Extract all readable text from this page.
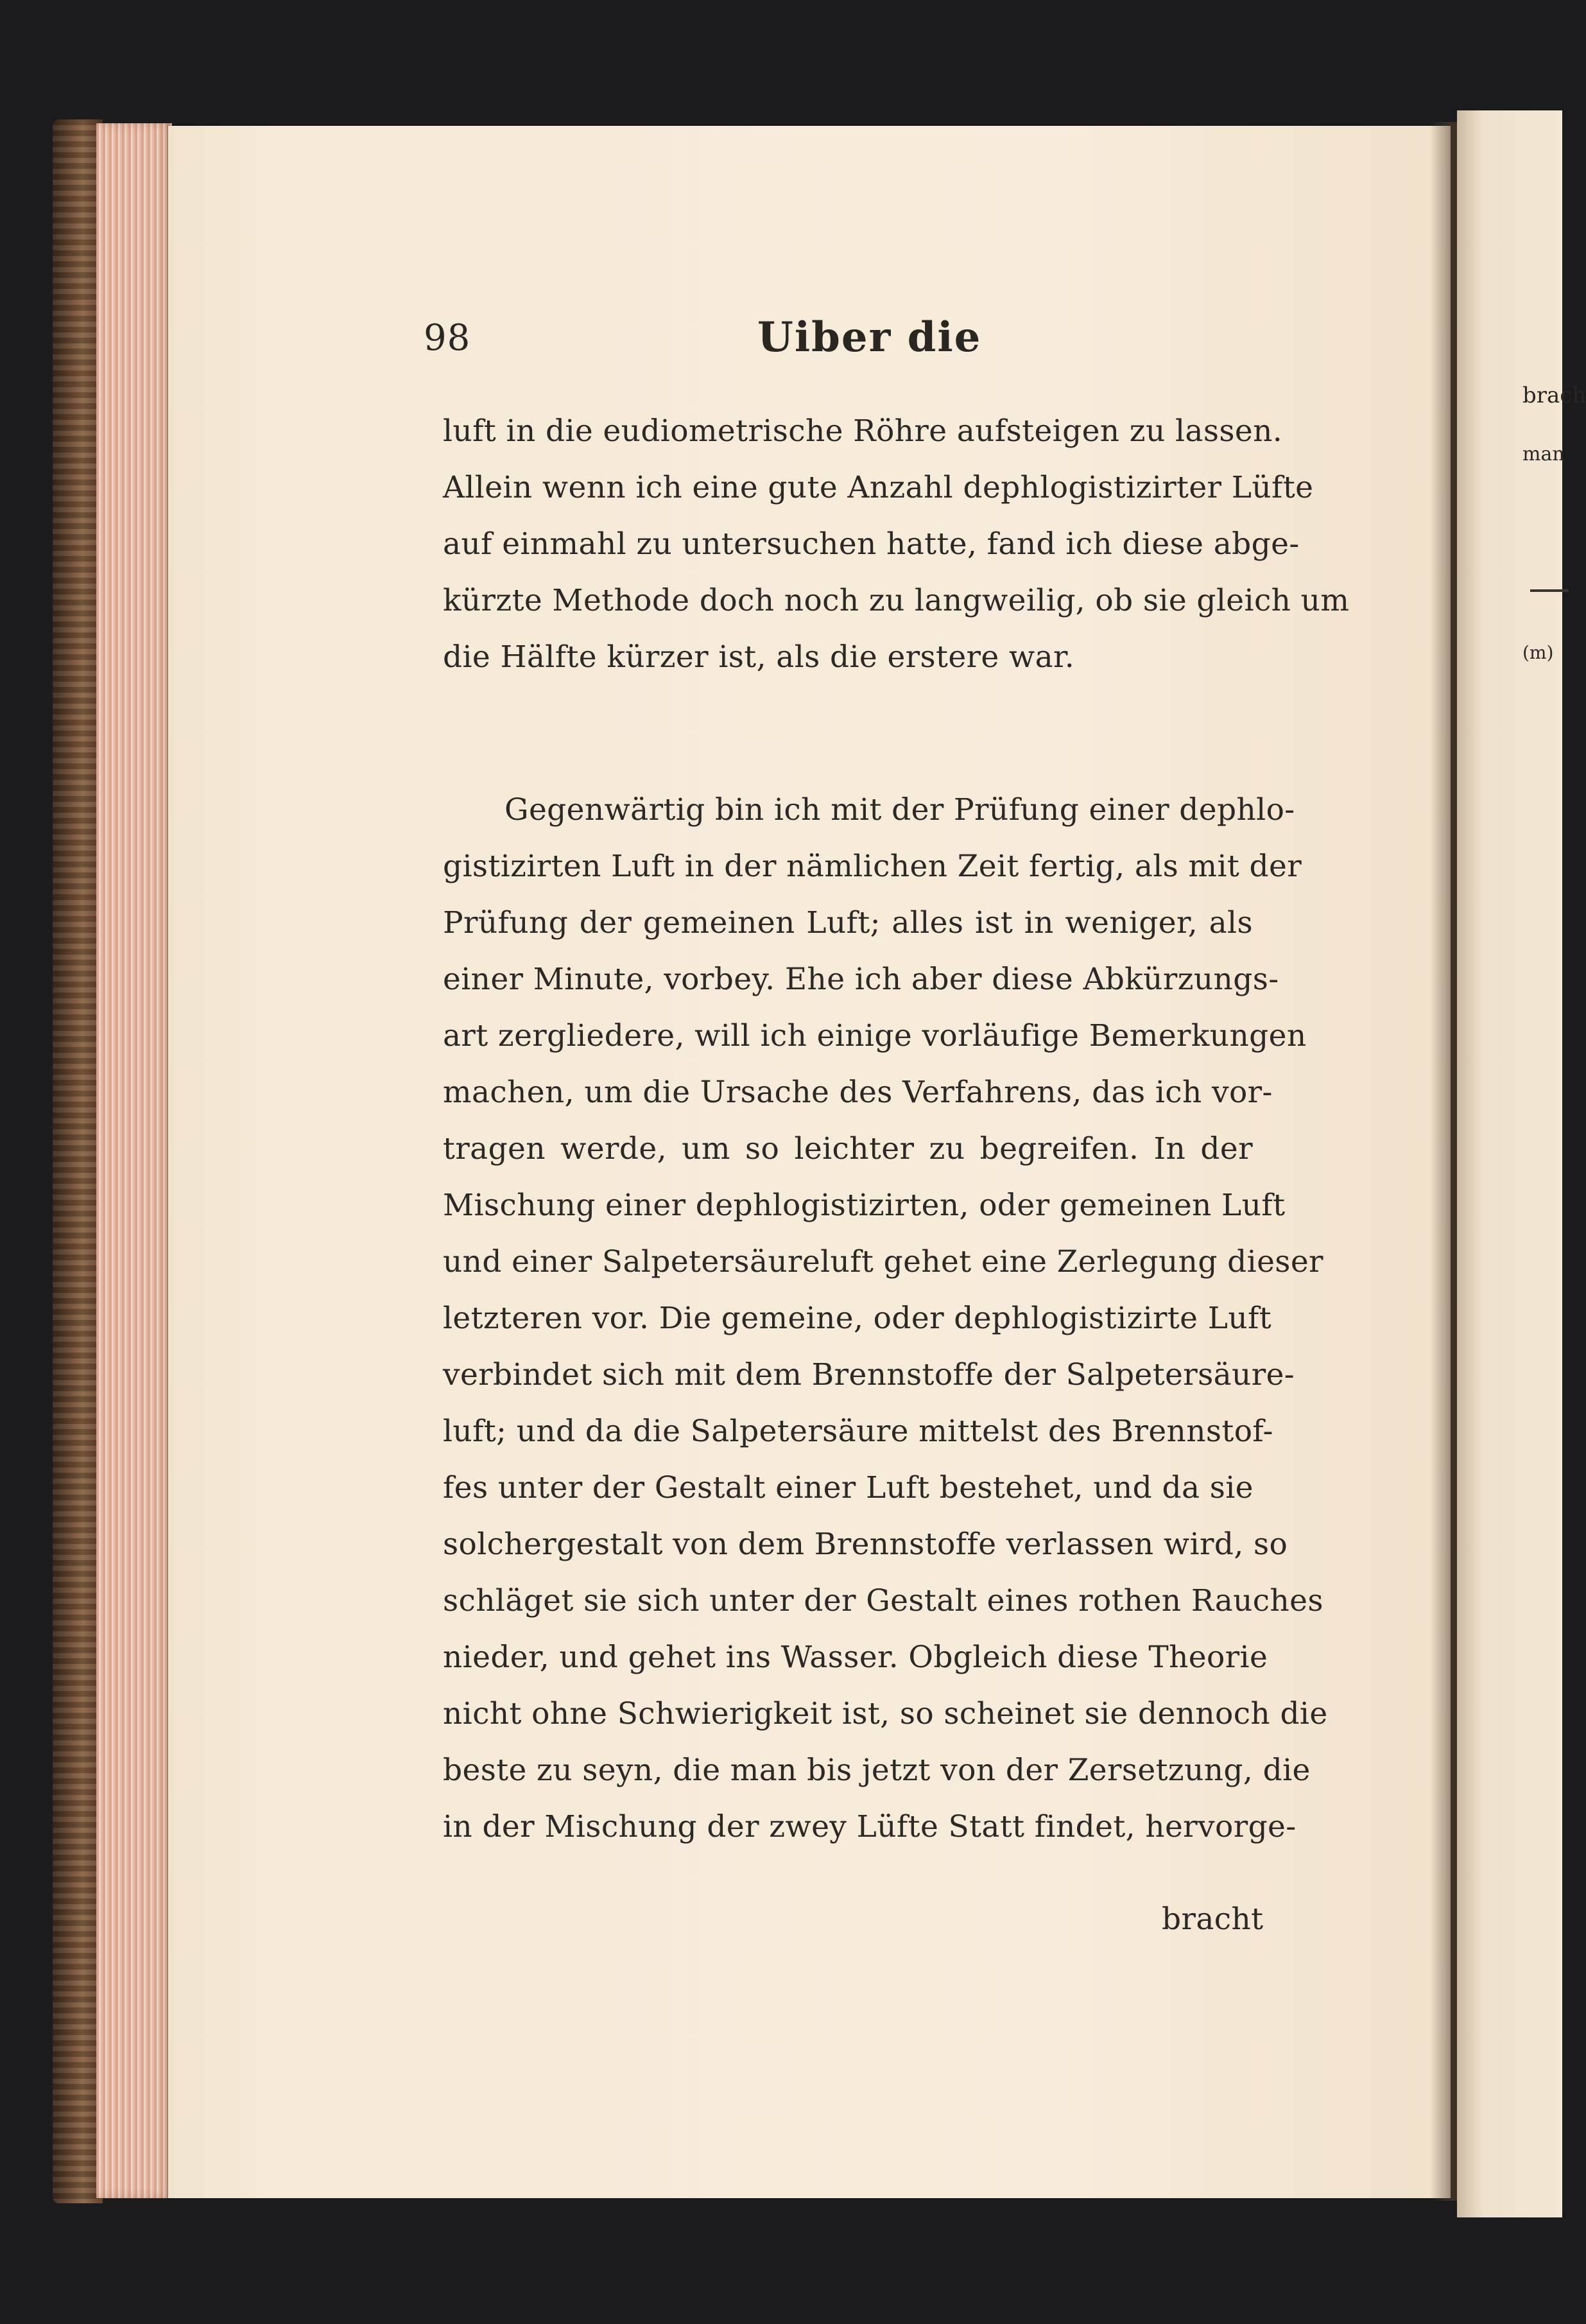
brach
man
(m)
98	Uiber die
luft in die eudiometrische Röhre aufsteigen zu lassen.
Allein wenn ich eine gute Anzahl dephlogistizirter Lüfte
auf einmahl zu untersuchen hatte, fand ich diese abge-
kürzte Methode doch noch zu langweilig, ob sie gleich um
die Hälfte kürzer ist, als die erstere war.
Gegenwärtig bin ich mit der Prüfung einer dephlo-
gistizirten Luft in der nämlichen Zeit fertig, als mit der
Prüfung der gemeinen Luft; alles ist in weniger, als
einer Minute, vorbey. Ehe ich aber diese Abkürzungs-
art zergliedere, will ich einige vorläufige Bemerkungen
machen, um die Ursache des Verfahrens, das ich vor-
tragen werde, um so leichter zu begreifen. In der
Mischung einer dephlogistizirten, oder gemeinen Luft
und einer Salpetersäureluft gehet eine Zerlegung dieser
letzteren vor. Die gemeine, oder dephlogistizirte Luft
verbindet sich mit dem Brennstoffe der Salpetersäure-
luft; und da die Salpetersäure mittelst des Brennstof-
fes unter der Gestalt einer Luft bestehet, und da sie
solchergestalt von dem Brennstoffe verlassen wird, so
schläget sie sich unter der Gestalt eines rothen Rauches
nieder, und gehet ins Wasser. Obgleich diese Theorie
nicht ohne Schwierigkeit ist, so scheinet sie dennoch die
beste zu seyn, die man bis jetzt von der Zersetzung, die
in der Mischung der zwey Lüfte Statt findet, hervorge-
bracht
